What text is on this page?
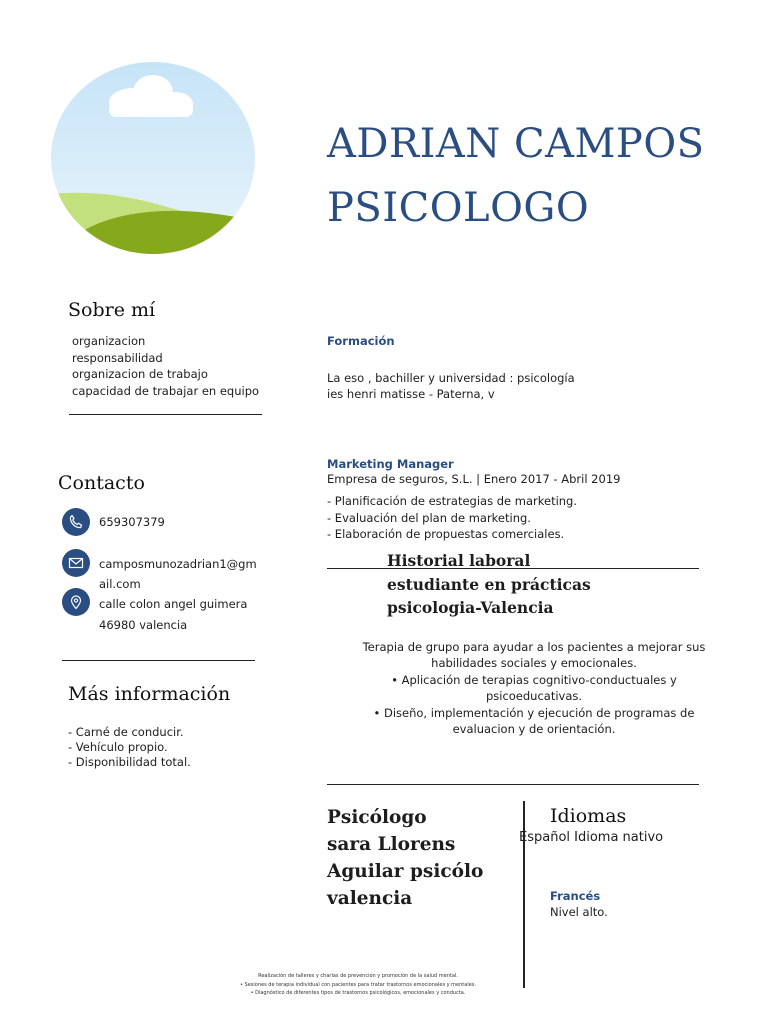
ADRIAN CAMPOS
PSICOLOGO
Sobre mí
organizacion
responsabilidad
organizacion de trabajo
capacidad de trabajar en equipo
Contacto
659307379
camposmunozadrian1@gm
ail.com
calle colon angel guimera
46980 valencia
Más información
- Carné de conducir.
- Vehículo propio.
- Disponibilidad total.
Formación
La eso , bachiller y universidad : psicología
ies henri matisse - Paterna, v
Marketing Manager
Empresa de seguros, S.L. | Enero 2017 - Abril 2019
- Planificación de estrategias de marketing.
- Evaluación del plan de marketing.
- Elaboración de propuestas comerciales.
Historial laboral
estudiante en prácticas
psicologia-Valencia
Terapia de grupo para ayudar a los pacientes a mejorar sus
habilidades sociales y emocionales.
• Aplicación de terapias cognitivo-conductuales y
psicoeducativas.
• Diseño, implementación y ejecución de programas de
evaluacion y de orientación.
Psicólogo
sara Llorens
Aguilar psicólo
valencia
Idiomas
Español Idioma nativo
Francés
Nivel alto.
Realización de talleres y charlas de prevención y promoción de la salud mental.
• Sesiones de terapia individual con pacientes para tratar trastornos emocionales y mentales.
• Diagnóstico de diferentes tipos de trastornos psicológicos, emocionales y conducta.
